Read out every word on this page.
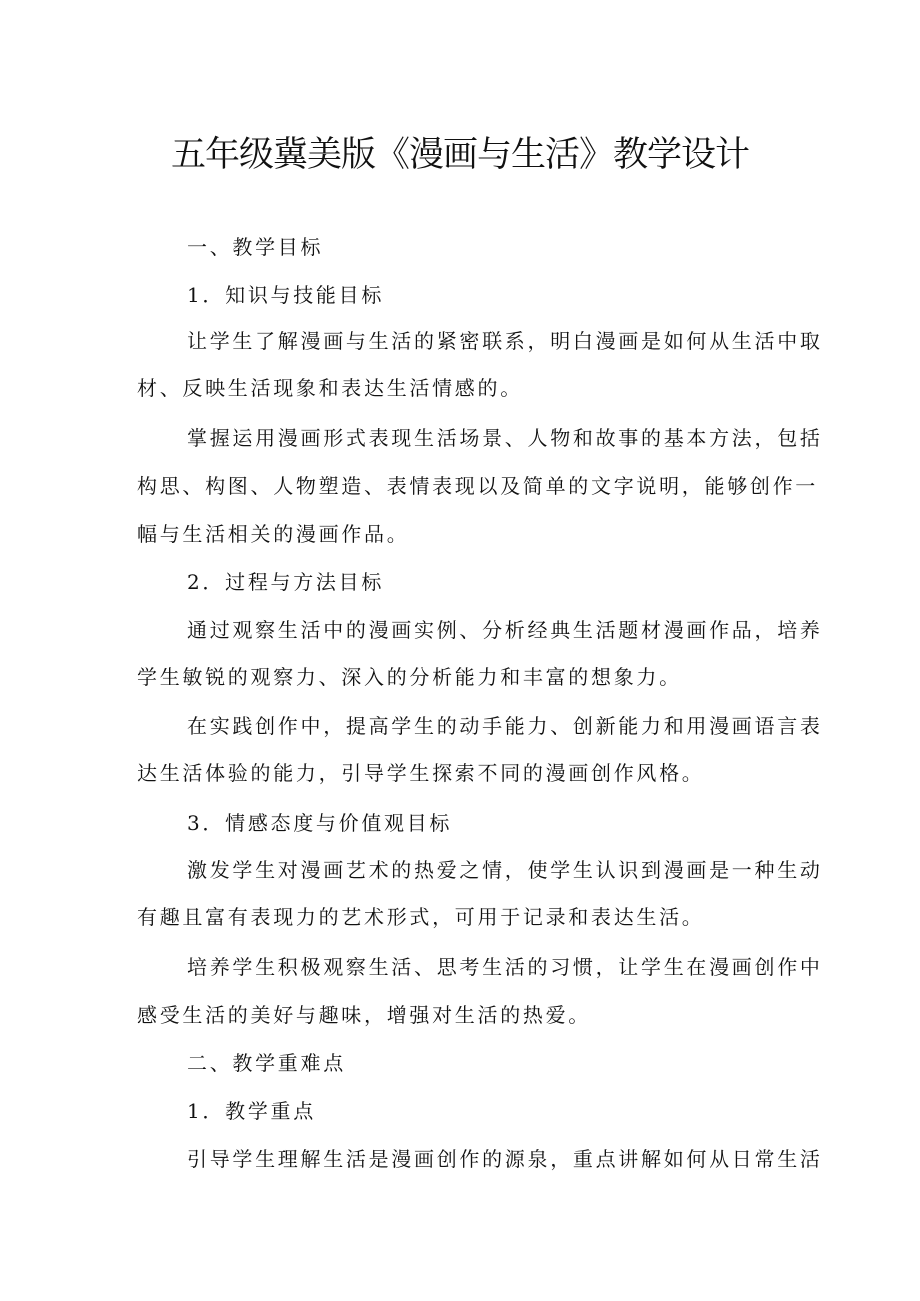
五年级冀美版《漫画与生活》教学设计
一、教学目标
1．知识与技能目标
让学生了解漫画与生活的紧密联系，明白漫画是如何从生活中取
材、反映生活现象和表达生活情感的。
掌握运用漫画形式表现生活场景、人物和故事的基本方法，包括
构思、构图、人物塑造、表情表现以及简单的文字说明，能够创作一
幅与生活相关的漫画作品。
2．过程与方法目标
通过观察生活中的漫画实例、分析经典生活题材漫画作品，培养
学生敏锐的观察力、深入的分析能力和丰富的想象力。
在实践创作中，提高学生的动手能力、创新能力和用漫画语言表
达生活体验的能力，引导学生探索不同的漫画创作风格。
3．情感态度与价值观目标
激发学生对漫画艺术的热爱之情，使学生认识到漫画是一种生动
有趣且富有表现力的艺术形式，可用于记录和表达生活。
培养学生积极观察生活、思考生活的习惯，让学生在漫画创作中
感受生活的美好与趣味，增强对生活的热爱。
二、教学重难点
1．教学重点
引导学生理解生活是漫画创作的源泉，重点讲解如何从日常生活
